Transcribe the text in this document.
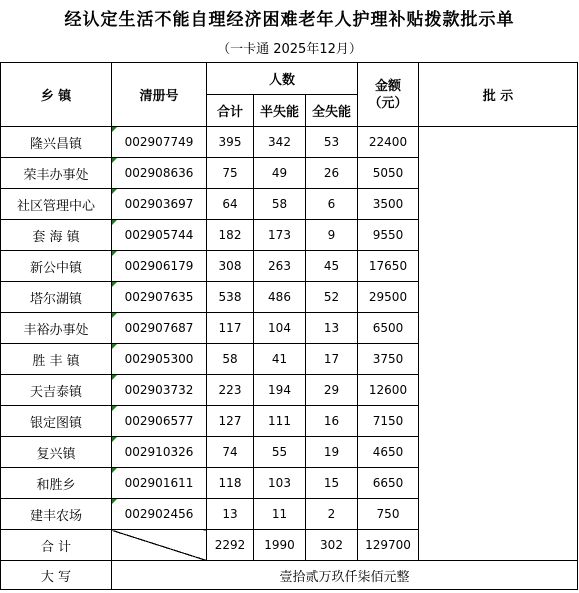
经认定生活不能自理经济困难老年人护理补贴拨款批示单
（一卡通 2025年12月）
乡 镇	清册号	人数			金额（元）	批 示
		合计	半失能	全失能		
隆兴昌镇	002907749	395	342	53	22400	
荣丰办事处	002908636	75	49	26	5050	
社区管理中心	002903697	64	58	6	3500	
套 海 镇	002905744	182	173	9	9550	
新公中镇	002906179	308	263	45	17650	
塔尔湖镇	002907635	538	486	52	29500	
丰裕办事处	002907687	117	104	13	6500	
胜 丰 镇	002905300	58	41	17	3750	
天吉泰镇	002903732	223	194	29	12600	
银定图镇	002906577	127	111	16	7150	
复兴镇	002910326	74	55	19	4650	
和胜乡	002901611	118	103	15	6650	
建丰农场	002902456	13	11	2	750	
合 计		2292	1990	302	129700	
大 写	壹拾贰万玖仟柒佰元整					
